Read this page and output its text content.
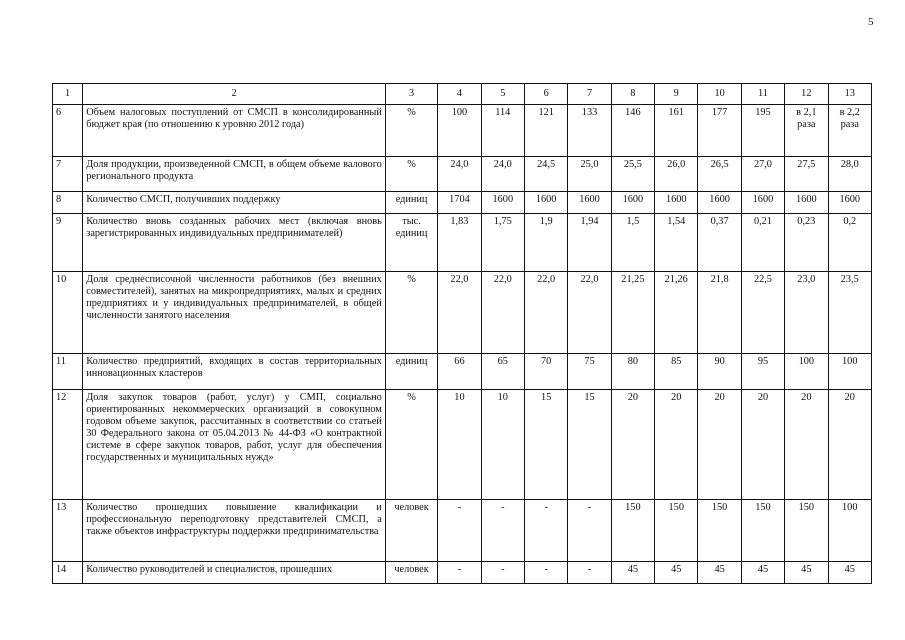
5
1	2	3	4	5	6	7	8	9	10	11	12	13
6	Объем налоговых поступлений от СМСП в консолидированный бюджет края (по отношению к уровню 2012 года)	%	100	114	121	133	146	161	177	195	в 2,1 раза	в 2,2 раза
7	Доля продукции, произведенной СМСП, в общем объеме валового регионального продукта	%	24,0	24,0	24,5	25,0	25,5	26,0	26,5	27,0	27,5	28,0
8	Количество СМСП, получивших поддержку	единиц	1704	1600	1600	1600	1600	1600	1600	1600	1600	1600
9	Количество вновь созданных рабочих мест (включая вновь зарегистрированных индивидуальных предпринимателей)	тыс. единиц	1,83	1,75	1,9	1,94	1,5	1,54	0,37	0,21	0,23	0,2
10	Доля среднесписочной численности работников (без внешних совместителей), занятых на микропредприятиях, малых и средних предприятиях и у индивидуальных предпринимателей, в общей численности занятого населения	%	22,0	22,0	22,0	22,0	21,25	21,26	21,8	22,5	23,0	23,5
11	Количество предприятий, входящих в состав территориальных инновационных кластеров	единиц	66	65	70	75	80	85	90	95	100	100
12	Доля закупок товаров (работ, услуг) у СМП, социально ориентированных некоммерческих организаций в совокупном годовом объеме закупок, рассчитанных в соответствии со статьей 30 Федерального закона от 05.04.2013 № 44-ФЗ «О контрактной системе в сфере закупок товаров, работ, услуг для обеспечения государственных и муниципальных нужд»	%	10	10	15	15	20	20	20	20	20	20
13	Количество прошедших повышение квалификации и профессиональную переподготовку представителей СМСП, а также объектов инфраструктуры поддержки предпринимательства	человек	-	-	-	-	150	150	150	150	150	100
14	Количество руководителей и специалистов, прошедших	человек	-	-	-	-	45	45	45	45	45	45
